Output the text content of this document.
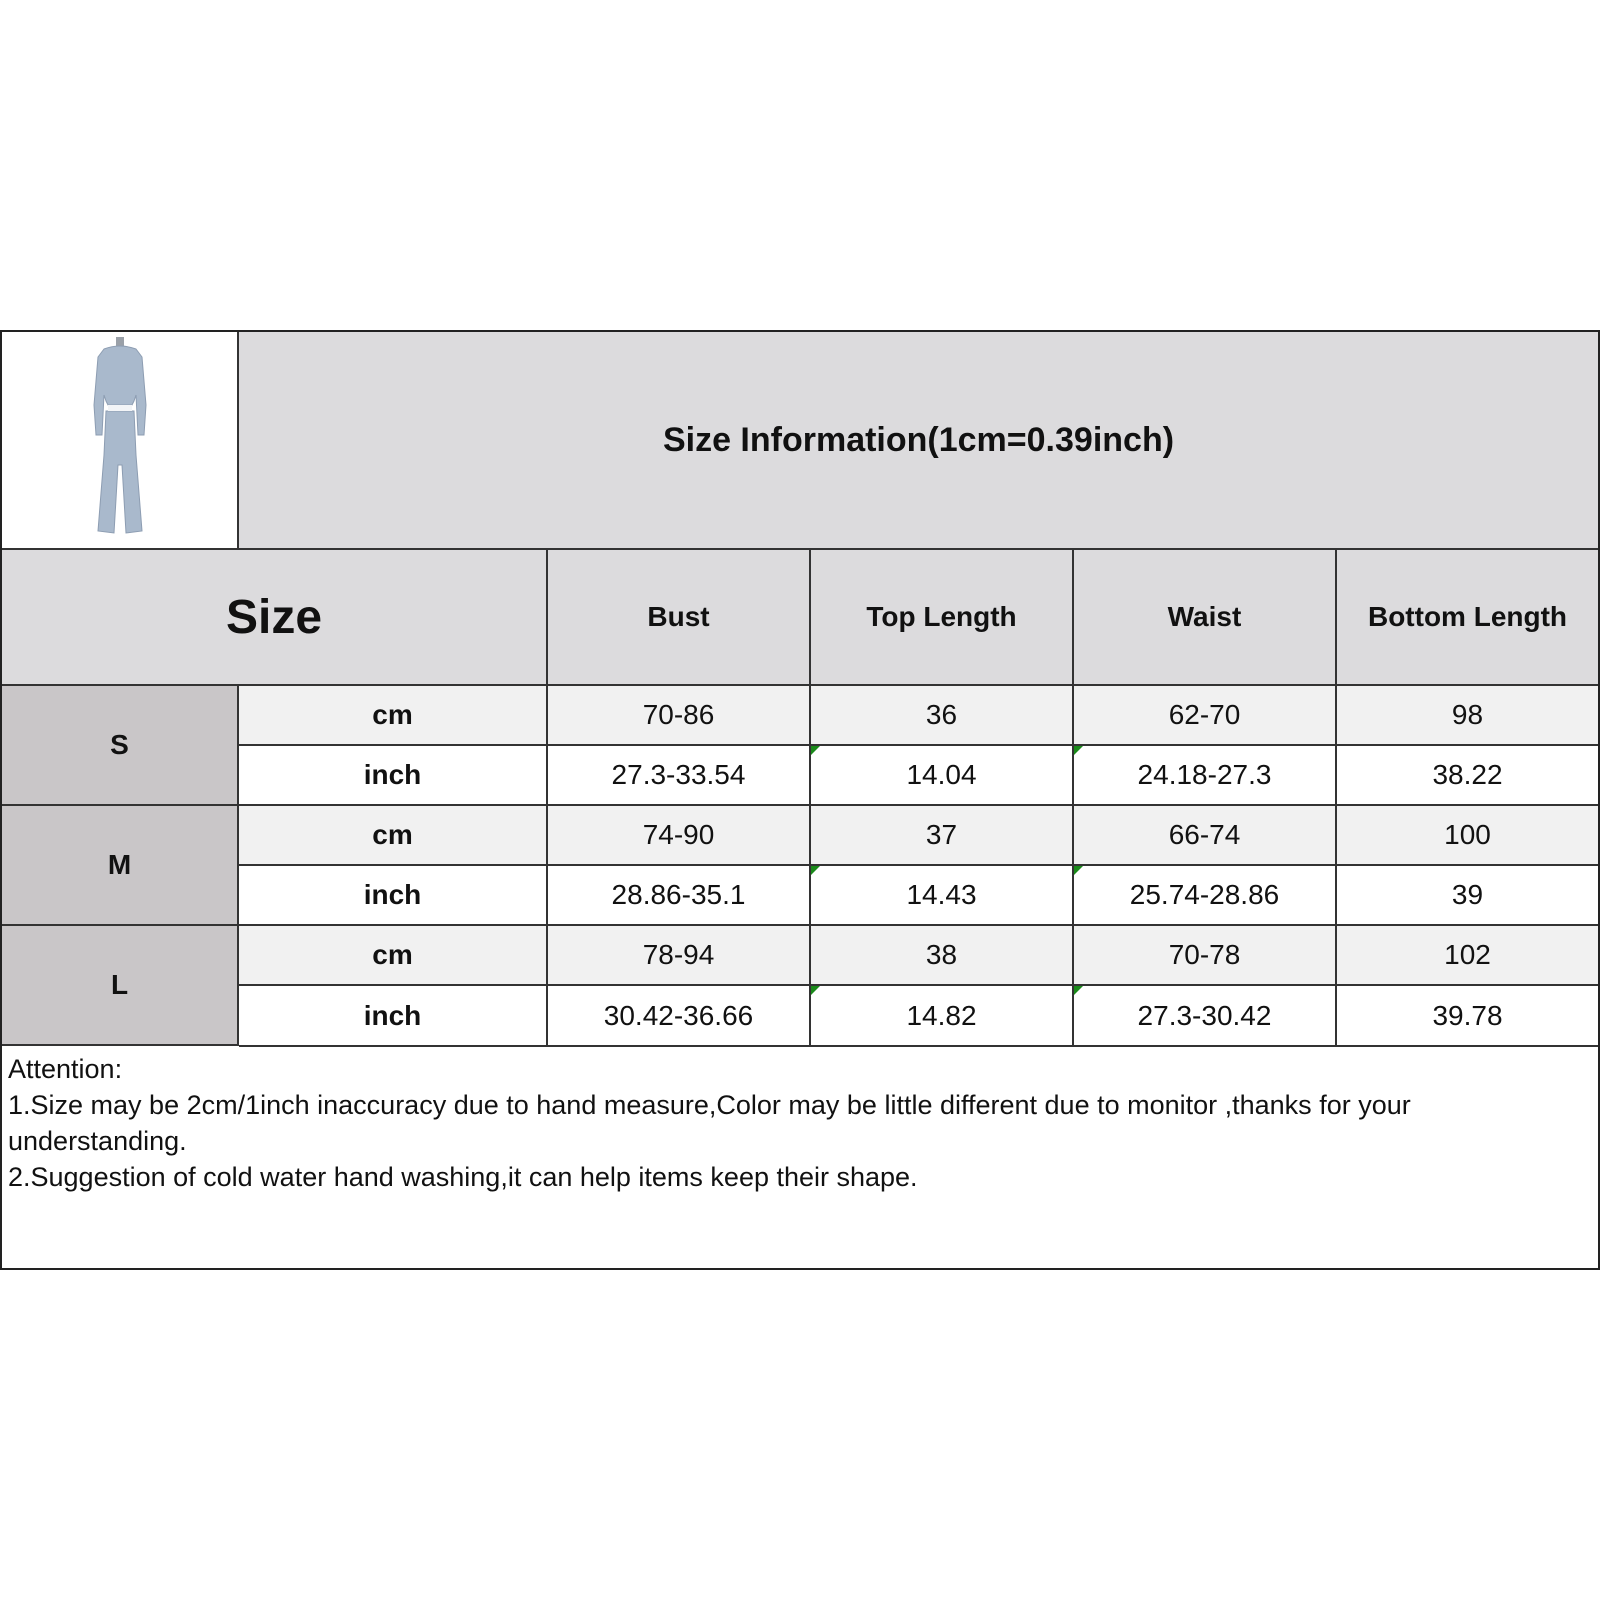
Size Information(1cm=0.39inch)
Size	Bust	Top Length	Waist	Bottom Length
S
cm	70-86	36	62-70	98
inch	27.3-33.54	14.04	24.18-27.3	38.22
M
cm	74-90	37	66-74	100
inch	28.86-35.1	14.43	25.74-28.86	39
L
cm	78-94	38	70-78	102
inch	30.42-36.66	14.82	27.3-30.42	39.78
Attention:
1.Size may be 2cm/1inch inaccuracy due to hand measure,Color may be little different due to monitor ,thanks for your understanding.
2.Suggestion of cold water hand washing,it can help items keep their shape.
